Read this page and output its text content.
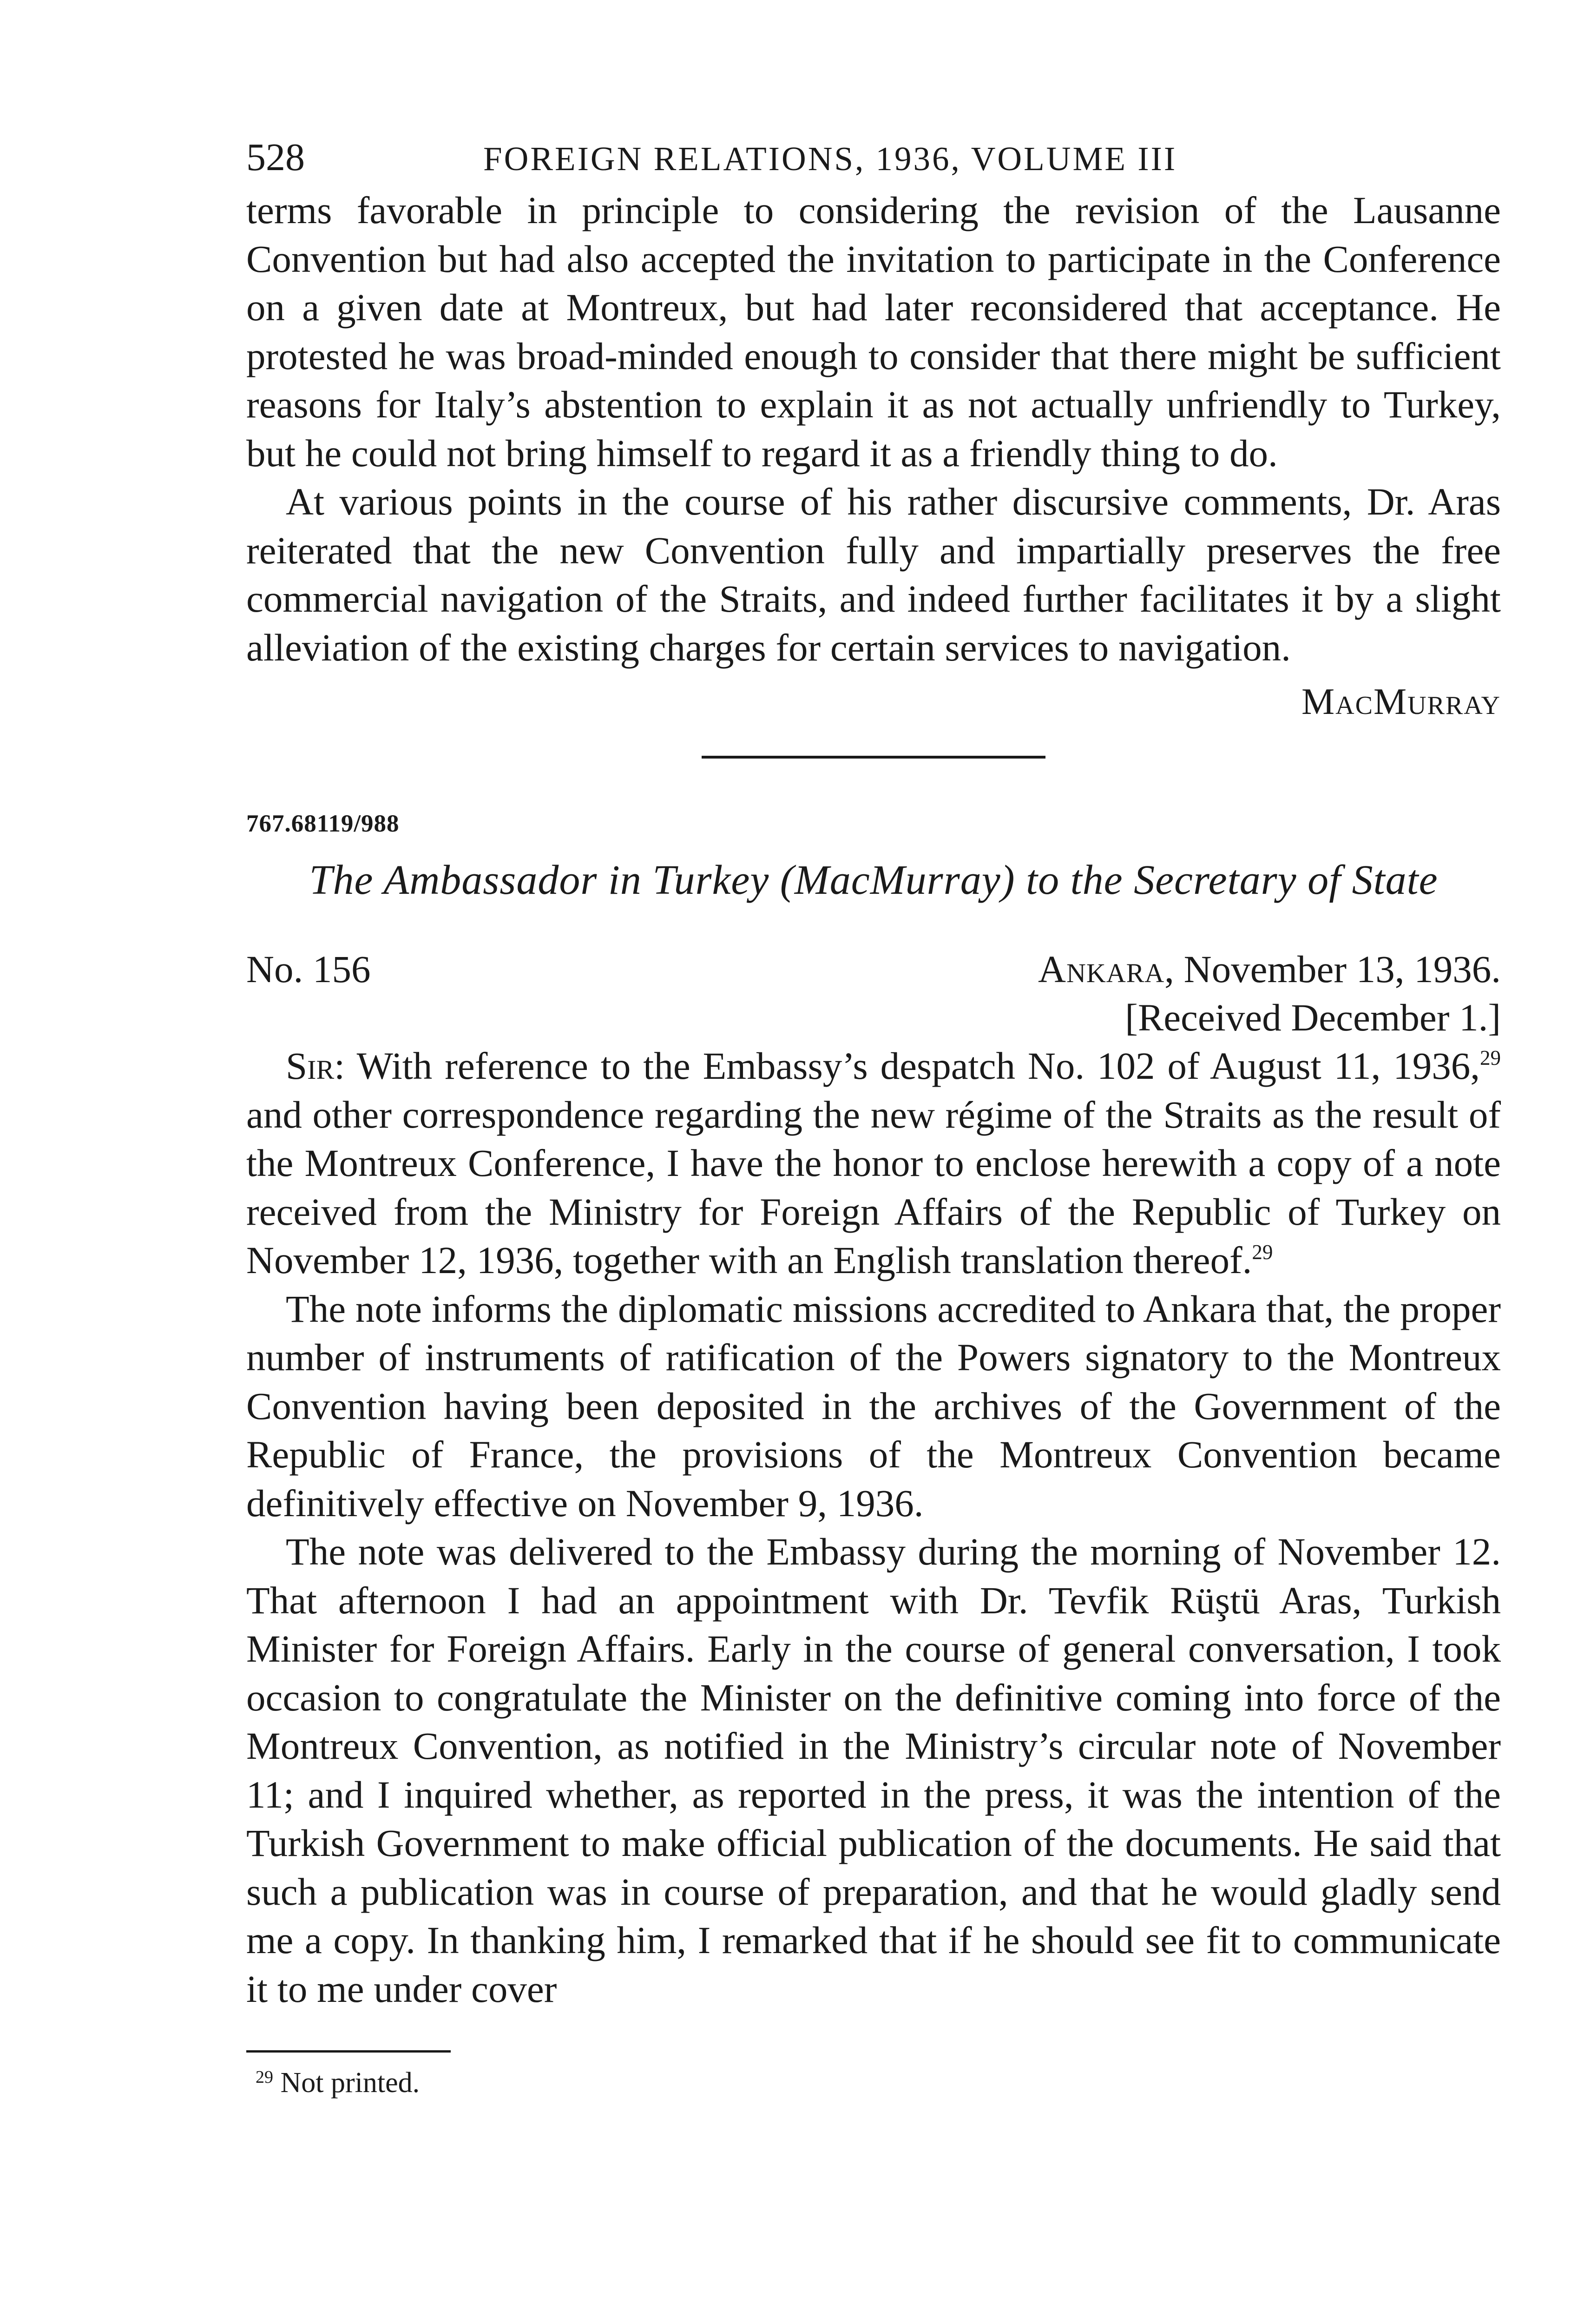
528	FOREIGN RELATIONS, 1936, VOLUME III

terms favorable in principle to considering the revision of the Lausanne Convention but had also accepted the invitation to participate in the Conference on a given date at Montreux, but had later reconsidered that acceptance. He protested he was broad-minded enough to consider that there might be sufficient reasons for Italy’s abstention to explain it as not actually unfriendly to Turkey, but he could not bring himself to regard it as a friendly thing to do.

At various points in the course of his rather discursive comments, Dr. Aras reiterated that the new Convention fully and impartially preserves the free commercial navigation of the Straits, and indeed further facilitates it by a slight alleviation of the existing charges for certain services to navigation.

MacMurray
767.68119/988
The Ambassador in Turkey (MacMurray) to the Secretary of State
No. 156	Ankara, November 13, 1936.
[Received December 1.]

Sir: With reference to the Embassy’s despatch No. 102 of August 11, 1936,29 and other correspondence regarding the new régime of the Straits as the result of the Montreux Conference, I have the honor to enclose herewith a copy of a note received from the Ministry for Foreign Affairs of the Republic of Turkey on November 12, 1936, together with an English translation thereof.$^{29}$

The note informs the diplomatic missions accredited to Ankara that, the proper number of instruments of ratification of the Powers signatory to the Montreux Convention having been deposited in the archives of the Government of the Republic of France, the provisions of the Montreux Convention became definitively effective on November 9, 1936.

The note was delivered to the Embassy during the morning of November 12. That afternoon I had an appointment with Dr. Tevfik Rüştü Aras, Turkish Minister for Foreign Affairs. Early in the course of general conversation, I took occasion to congratulate the Minister on the definitive coming into force of the Montreux Convention, as notified in the Ministry’s circular note of November 11; and I inquired whether, as reported in the press, it was the intention of the Turkish Government to make official publication of the documents. He said that such a publication was in course of preparation, and that he would gladly send me a copy. In thanking him, I remarked that if he should see fit to communicate it to me under cover

$^{29}$ Not printed.
